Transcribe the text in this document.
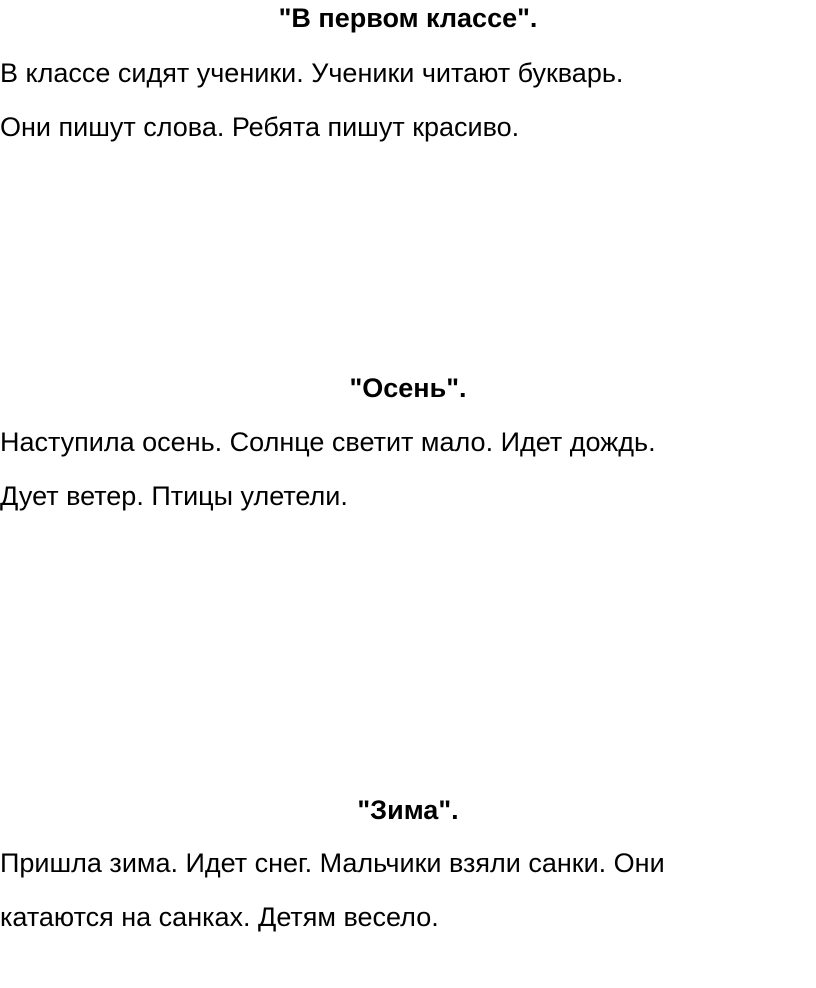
"В первом классе".
В классе сидят ученики. Ученики читают букварь.
Они пишут слова. Ребята пишут красиво.
"Осень".
Наступила осень. Солнце светит мало. Идет дождь.
Дует ветер. Птицы улетели.
"Зима".
Пришла зима. Идет снег. Мальчики взяли санки. Они
катаются на санках. Детям весело.
